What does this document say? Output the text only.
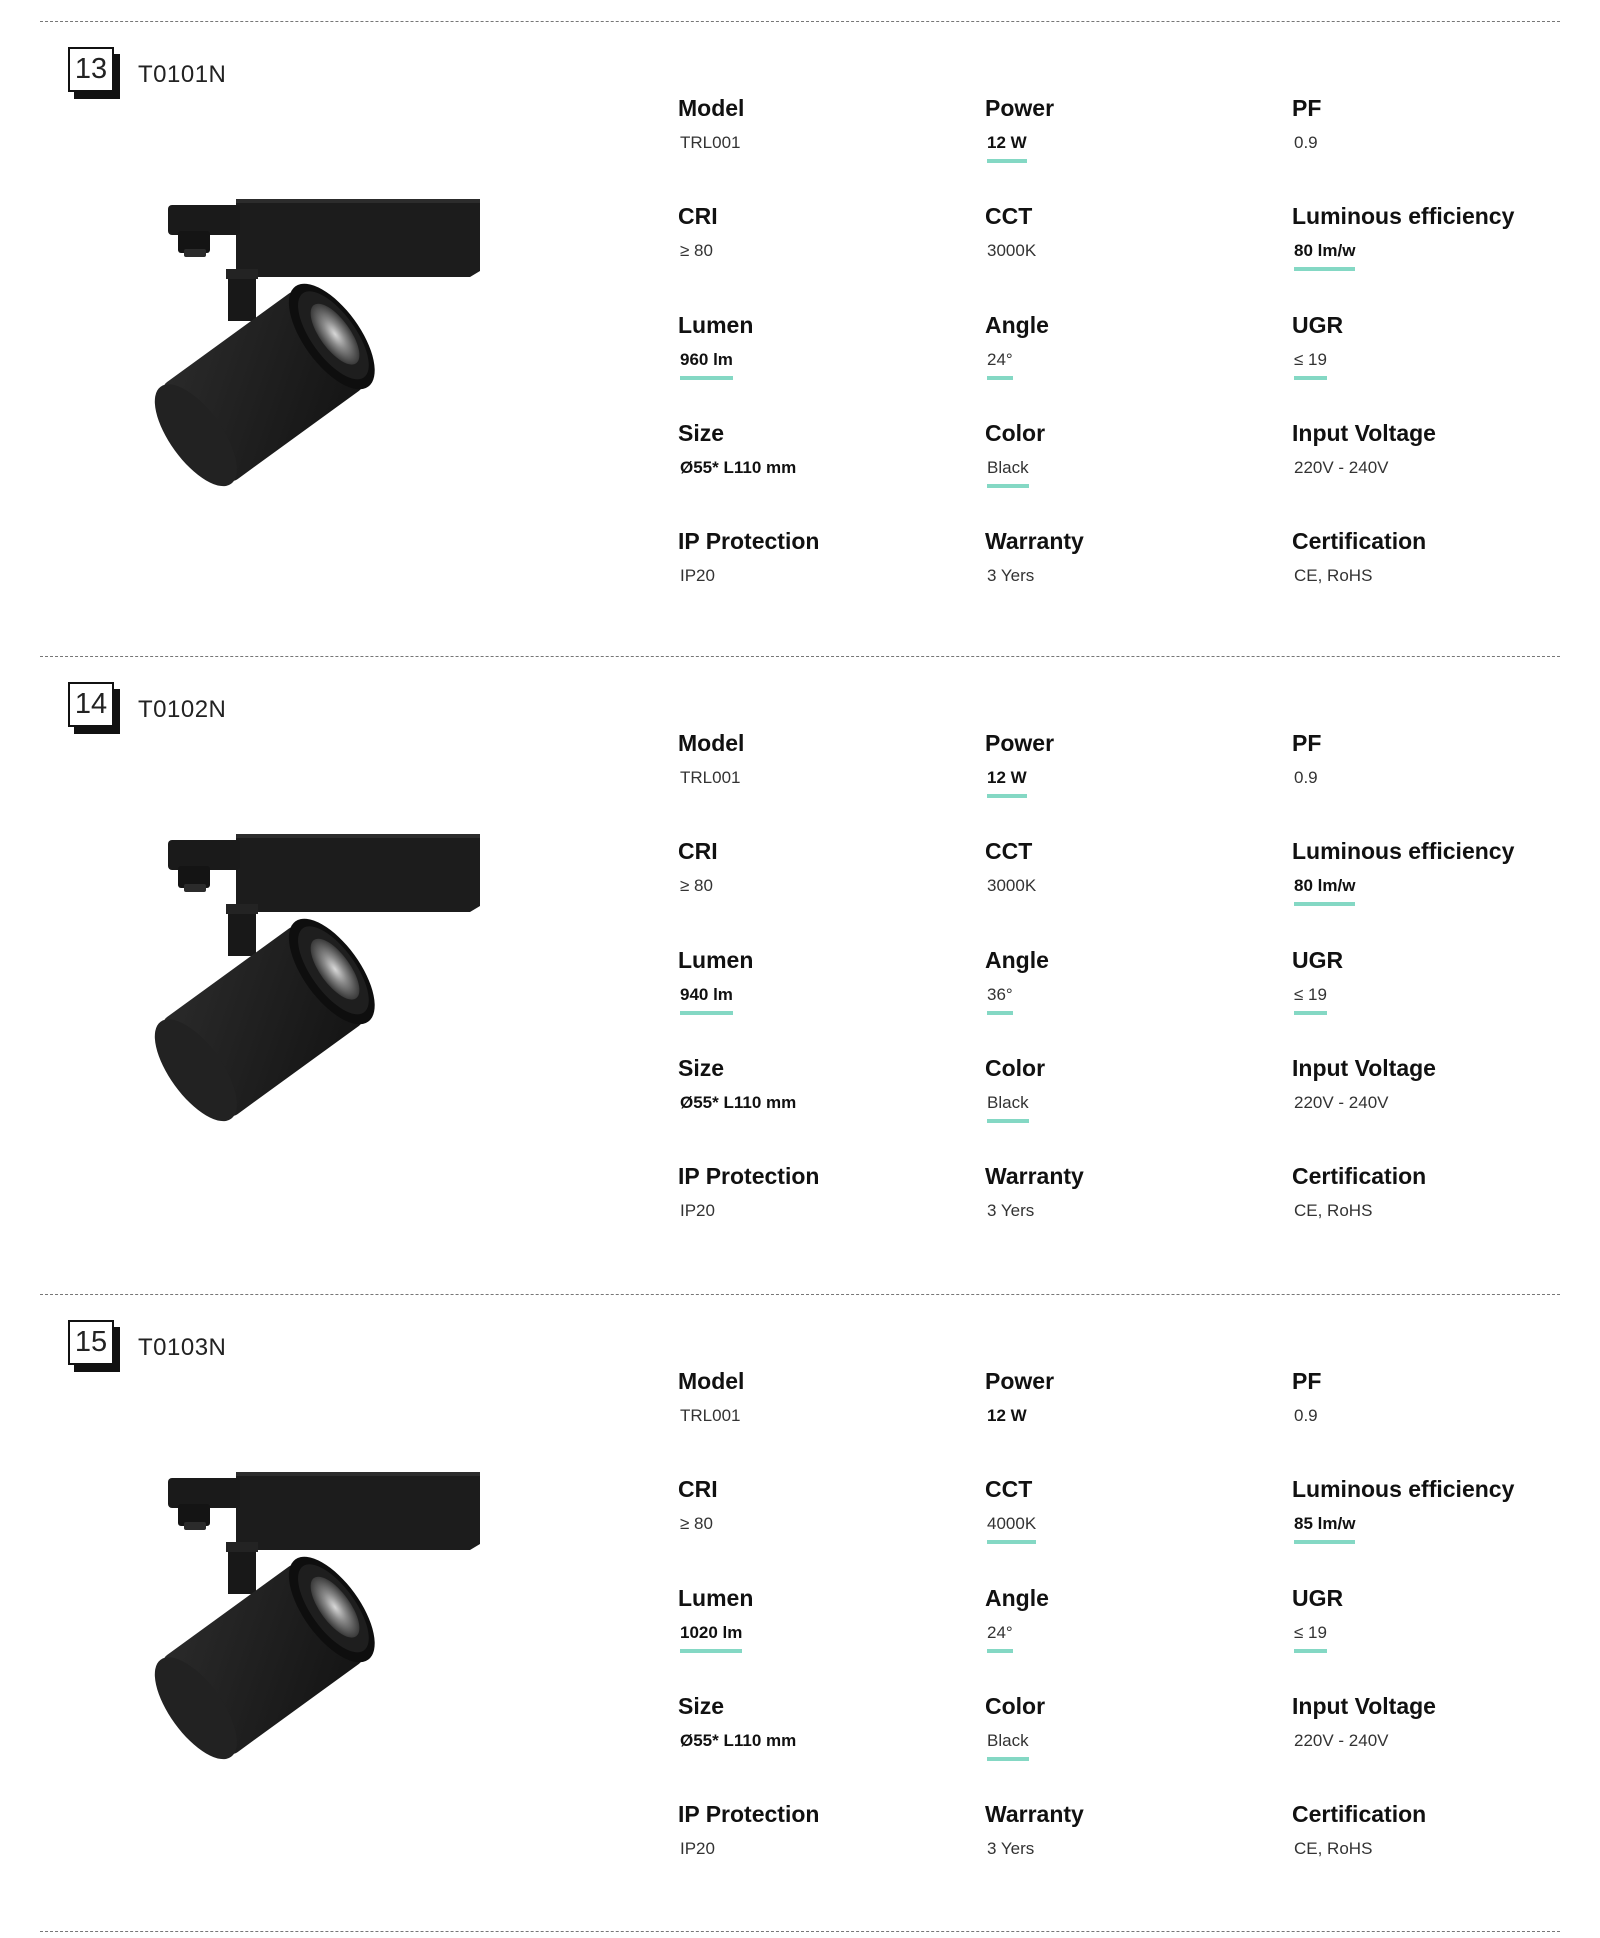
13 T0101N
Model
TRL001
Power
12 W
PF
0.9
CRI
≥ 80
CCT
3000K
Luminous efficiency
80 lm/w
Lumen
960 lm
Angle
24°
UGR
≤ 19
Size
Ø55* L110 mm
Color
Black
Input Voltage
220V - 240V
IP Protection
IP20
Warranty
3 Yers
Certification
CE, RoHS
14 T0102N
Model
TRL001
Power
12 W
PF
0.9
CRI
≥ 80
CCT
3000K
Luminous efficiency
80 lm/w
Lumen
940 lm
Angle
36°
UGR
≤ 19
Size
Ø55* L110 mm
Color
Black
Input Voltage
220V - 240V
IP Protection
IP20
Warranty
3 Yers
Certification
CE, RoHS
15 T0103N
Model
TRL001
Power
12 W
PF
0.9
CRI
≥ 80
CCT
4000K
Luminous efficiency
85 lm/w
Lumen
1020 lm
Angle
24°
UGR
≤ 19
Size
Ø55* L110 mm
Color
Black
Input Voltage
220V - 240V
IP Protection
IP20
Warranty
3 Yers
Certification
CE, RoHS
